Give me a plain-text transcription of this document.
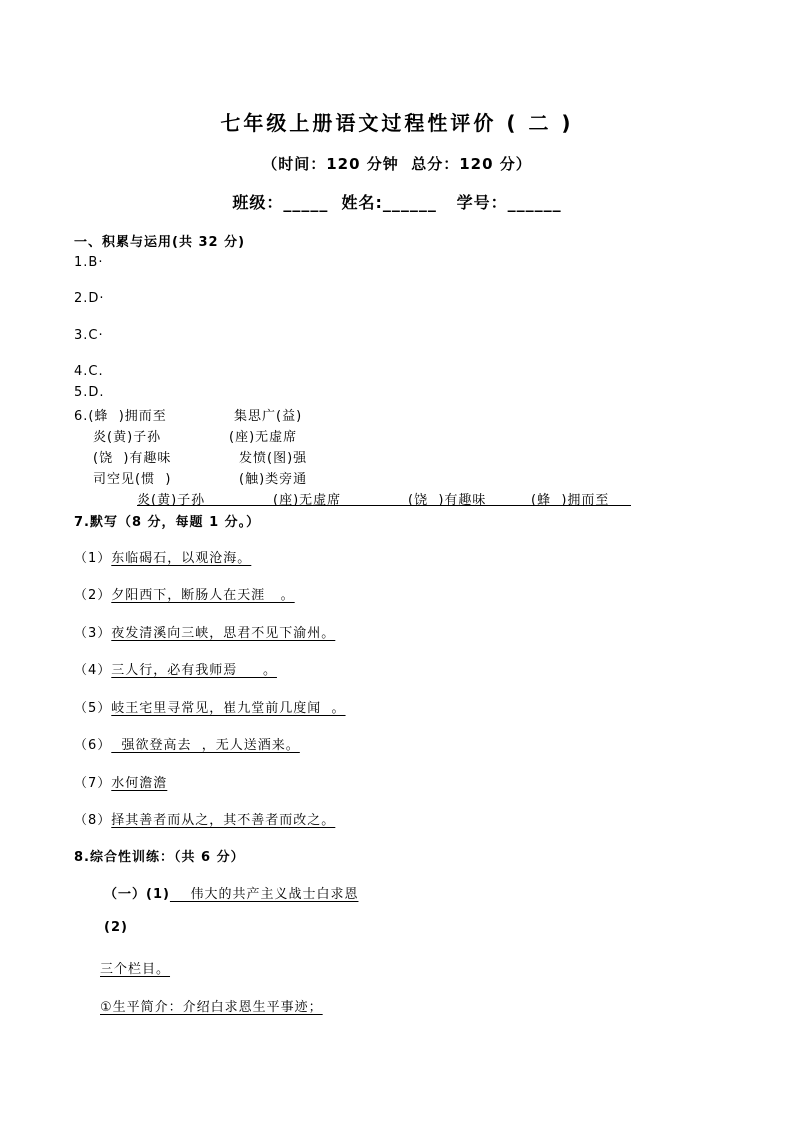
七年级上册语文过程性评价 ( 二 )
（时间：120 分钟  总分：120 分）
班级：_____  姓名:______   学号：______
一、积累与运用(共 32 分)
1.B·
2.D·
3.C·
4.C.
5.D.
6.(蜂  )拥而至	集思广(益)
炎(黄)子孙	(座)无虚席
(饶  )有趣味	发愤(图)强
司空见(惯  )	(触)类旁通
炎(黄)子孙	(座)无虚席	(饶  )有趣味	(蜂  )拥而至
7.默写（8 分，每题 1 分。）
（1）东临碣石，以观沧海。
（2）夕阳西下，断肠人在天涯   。
（3）夜发清溪向三峡，思君不见下渝州。
（4）三人行，必有我师焉     。
（5）岐王宅里寻常见，崔九堂前几度闻  。
（6）  强欲登高去  ，无人送酒来。
（7）水何澹澹
（8）择其善者而从之，其不善者而改之。
8.综合性训练：（共 6 分）
（一）(1)    伟大的共产主义战士白求恩
(2)
三个栏目。
①生平简介：介绍白求恩生平事迹；
